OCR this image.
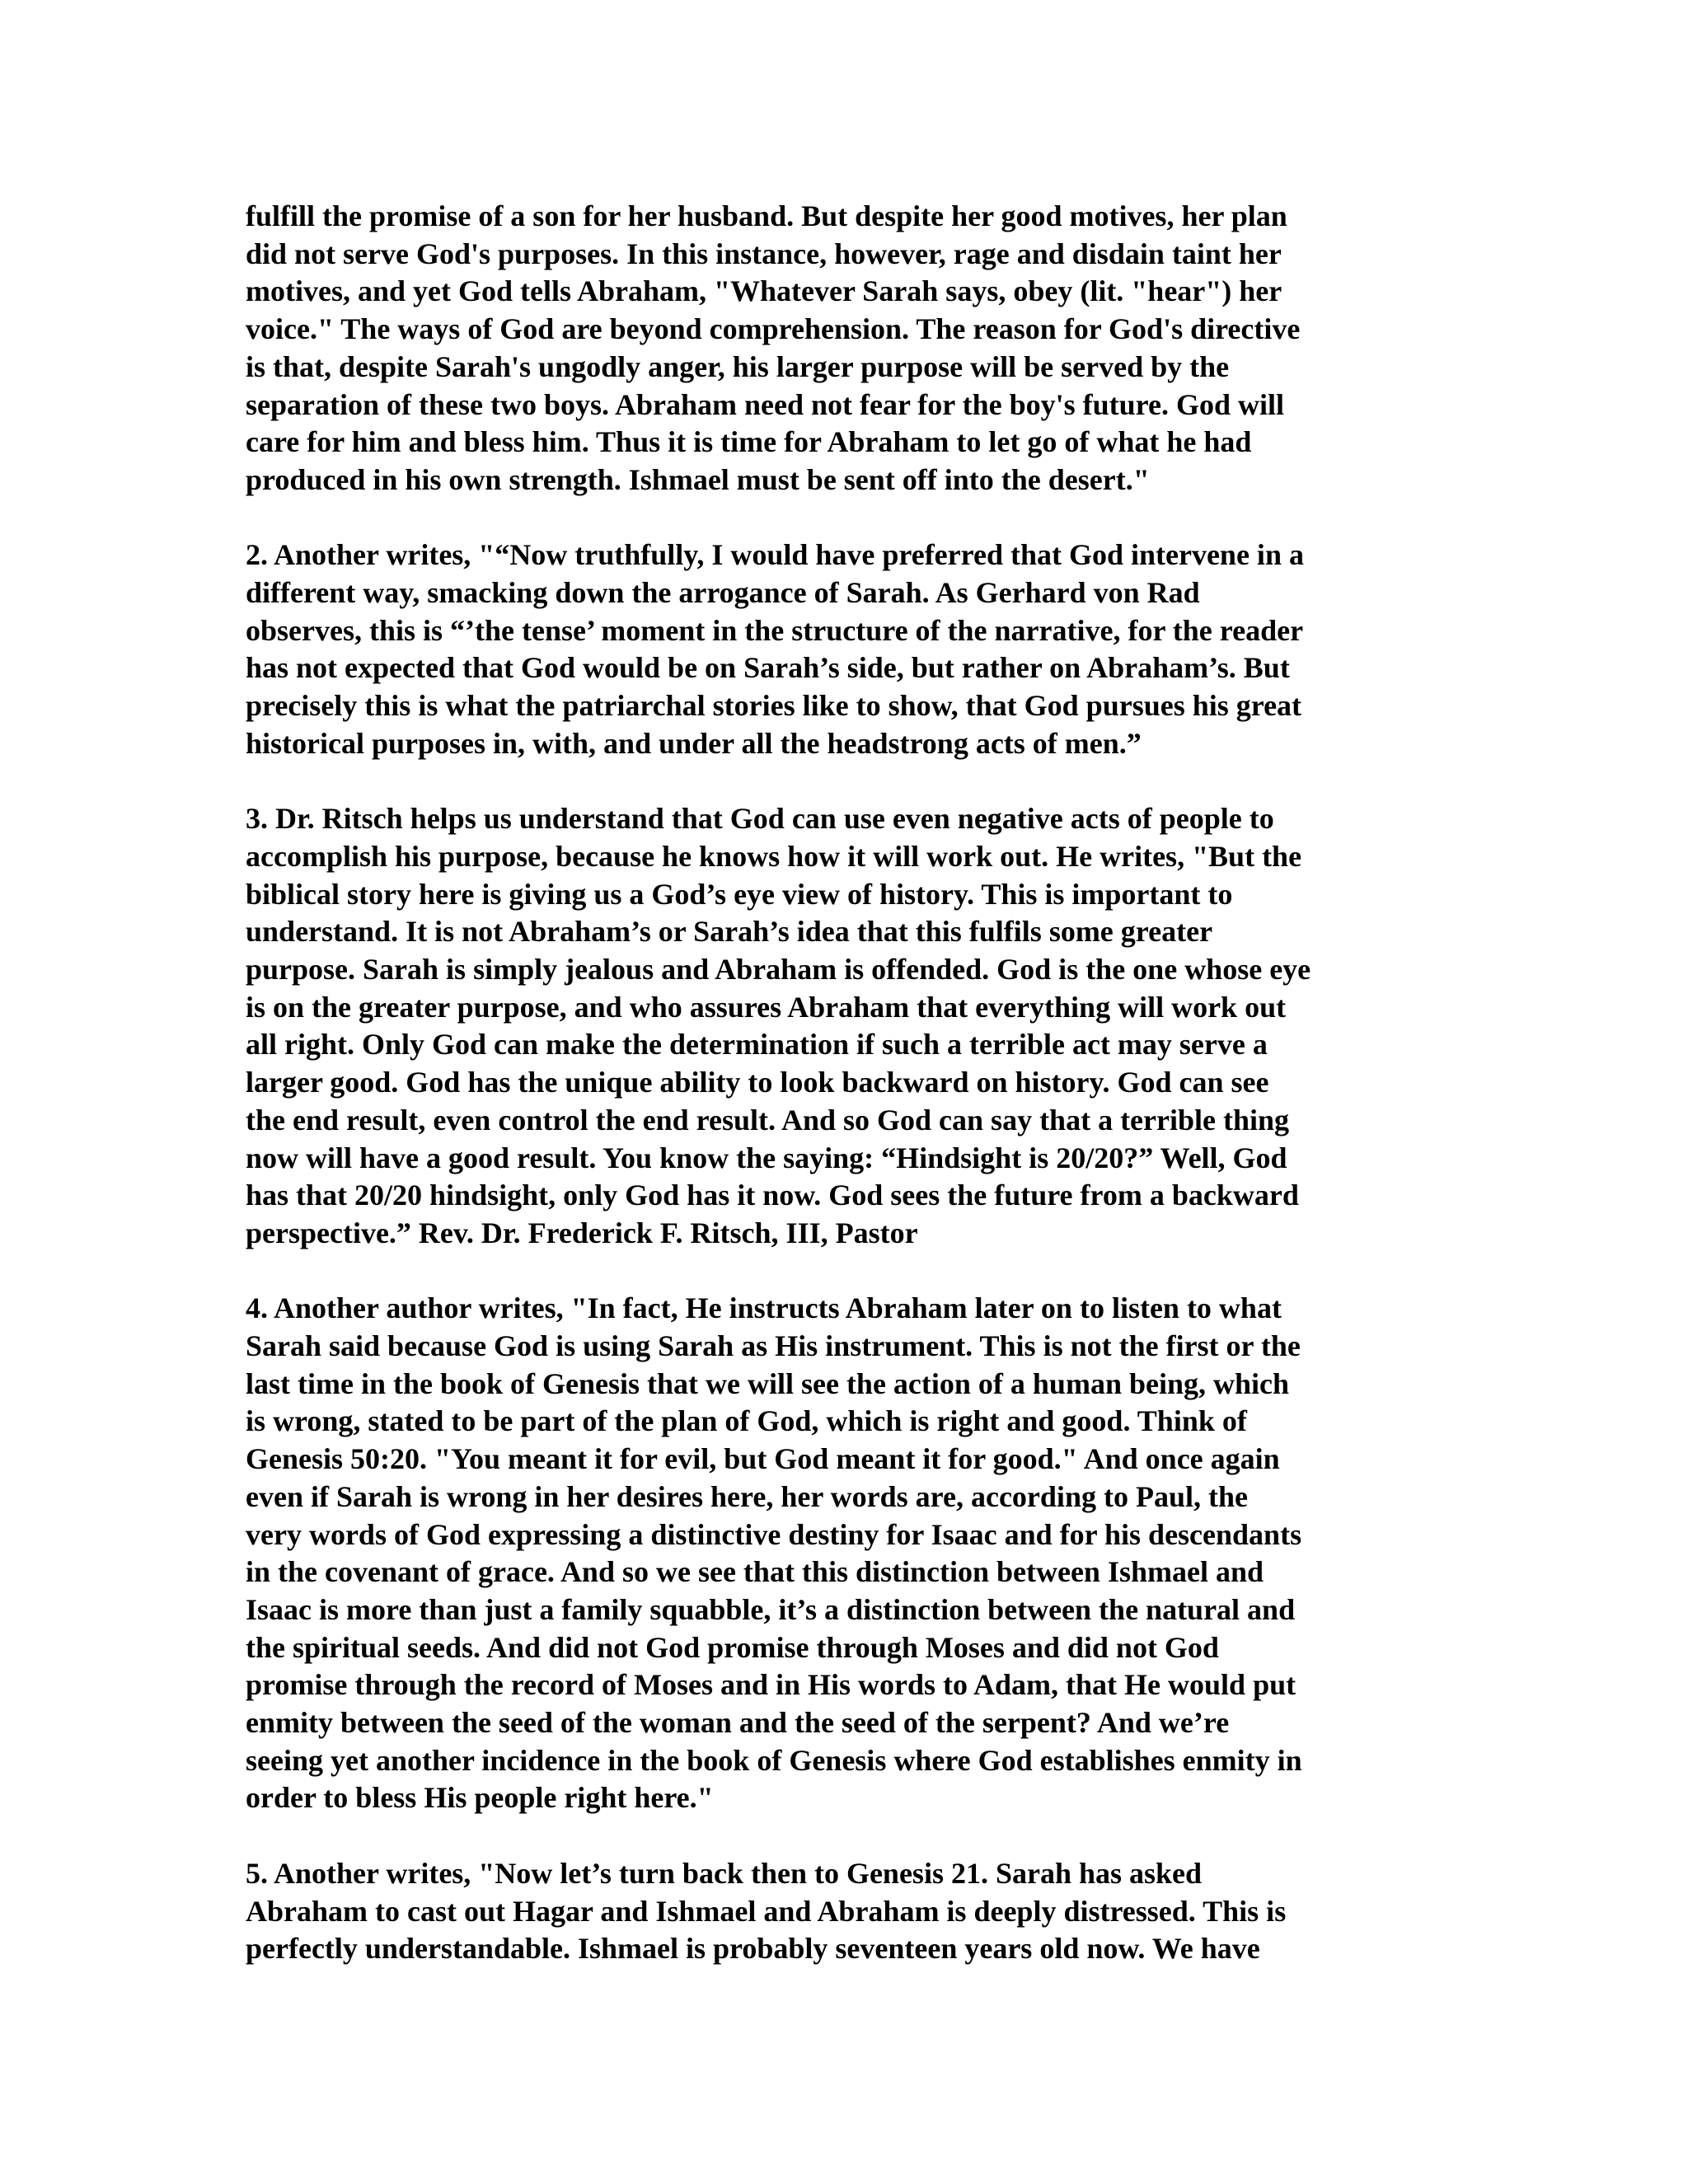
fulfill the promise of a son for her husband. But despite her good motives, her plan
did not serve God's purposes. In this instance, however, rage and disdain taint her
motives, and yet God tells Abraham, "Whatever Sarah says, obey (lit. "hear") her
voice." The ways of God are beyond comprehension. The reason for God's directive
is that, despite Sarah's ungodly anger, his larger purpose will be served by the
separation of these two boys. Abraham need not fear for the boy's future. God will
care for him and bless him. Thus it is time for Abraham to let go of what he had
produced in his own strength. Ishmael must be sent off into the desert."

2. Another writes, "“Now truthfully, I would have preferred that God intervene in a
different way, smacking down the arrogance of Sarah. As Gerhard von Rad
observes, this is “’the tense’ moment in the structure of the narrative, for the reader
has not expected that God would be on Sarah’s side, but rather on Abraham’s. But
precisely this is what the patriarchal stories like to show, that God pursues his great
historical purposes in, with, and under all the headstrong acts of men.”

3. Dr. Ritsch helps us understand that God can use even negative acts of people to
accomplish his purpose, because he knows how it will work out. He writes, "But the
biblical story here is giving us a God’s eye view of history. This is important to
understand. It is not Abraham’s or Sarah’s idea that this fulfils some greater
purpose. Sarah is simply jealous and Abraham is offended. God is the one whose eye
is on the greater purpose, and who assures Abraham that everything will work out
all right. Only God can make the determination if such a terrible act may serve a
larger good. God has the unique ability to look backward on history. God can see
the end result, even control the end result. And so God can say that a terrible thing
now will have a good result. You know the saying: “Hindsight is 20/20?” Well, God
has that 20/20 hindsight, only God has it now. God sees the future from a backward
perspective.” Rev. Dr. Frederick F. Ritsch, III, Pastor

4. Another author writes, "In fact, He instructs Abraham later on to listen to what
Sarah said because God is using Sarah as His instrument. This is not the first or the
last time in the book of Genesis that we will see the action of a human being, which
is wrong, stated to be part of the plan of God, which is right and good. Think of
Genesis 50:20. "You meant it for evil, but God meant it for good." And once again
even if Sarah is wrong in her desires here, her words are, according to Paul, the
very words of God expressing a distinctive destiny for Isaac and for his descendants
in the covenant of grace. And so we see that this distinction between Ishmael and
Isaac is more than just a family squabble, it’s a distinction between the natural and
the spiritual seeds. And did not God promise through Moses and did not God
promise through the record of Moses and in His words to Adam, that He would put
enmity between the seed of the woman and the seed of the serpent? And we’re
seeing yet another incidence in the book of Genesis where God establishes enmity in
order to bless His people right here."

5. Another writes, "Now let’s turn back then to Genesis 21. Sarah has asked
Abraham to cast out Hagar and Ishmael and Abraham is deeply distressed. This is
perfectly understandable. Ishmael is probably seventeen years old now. We have
